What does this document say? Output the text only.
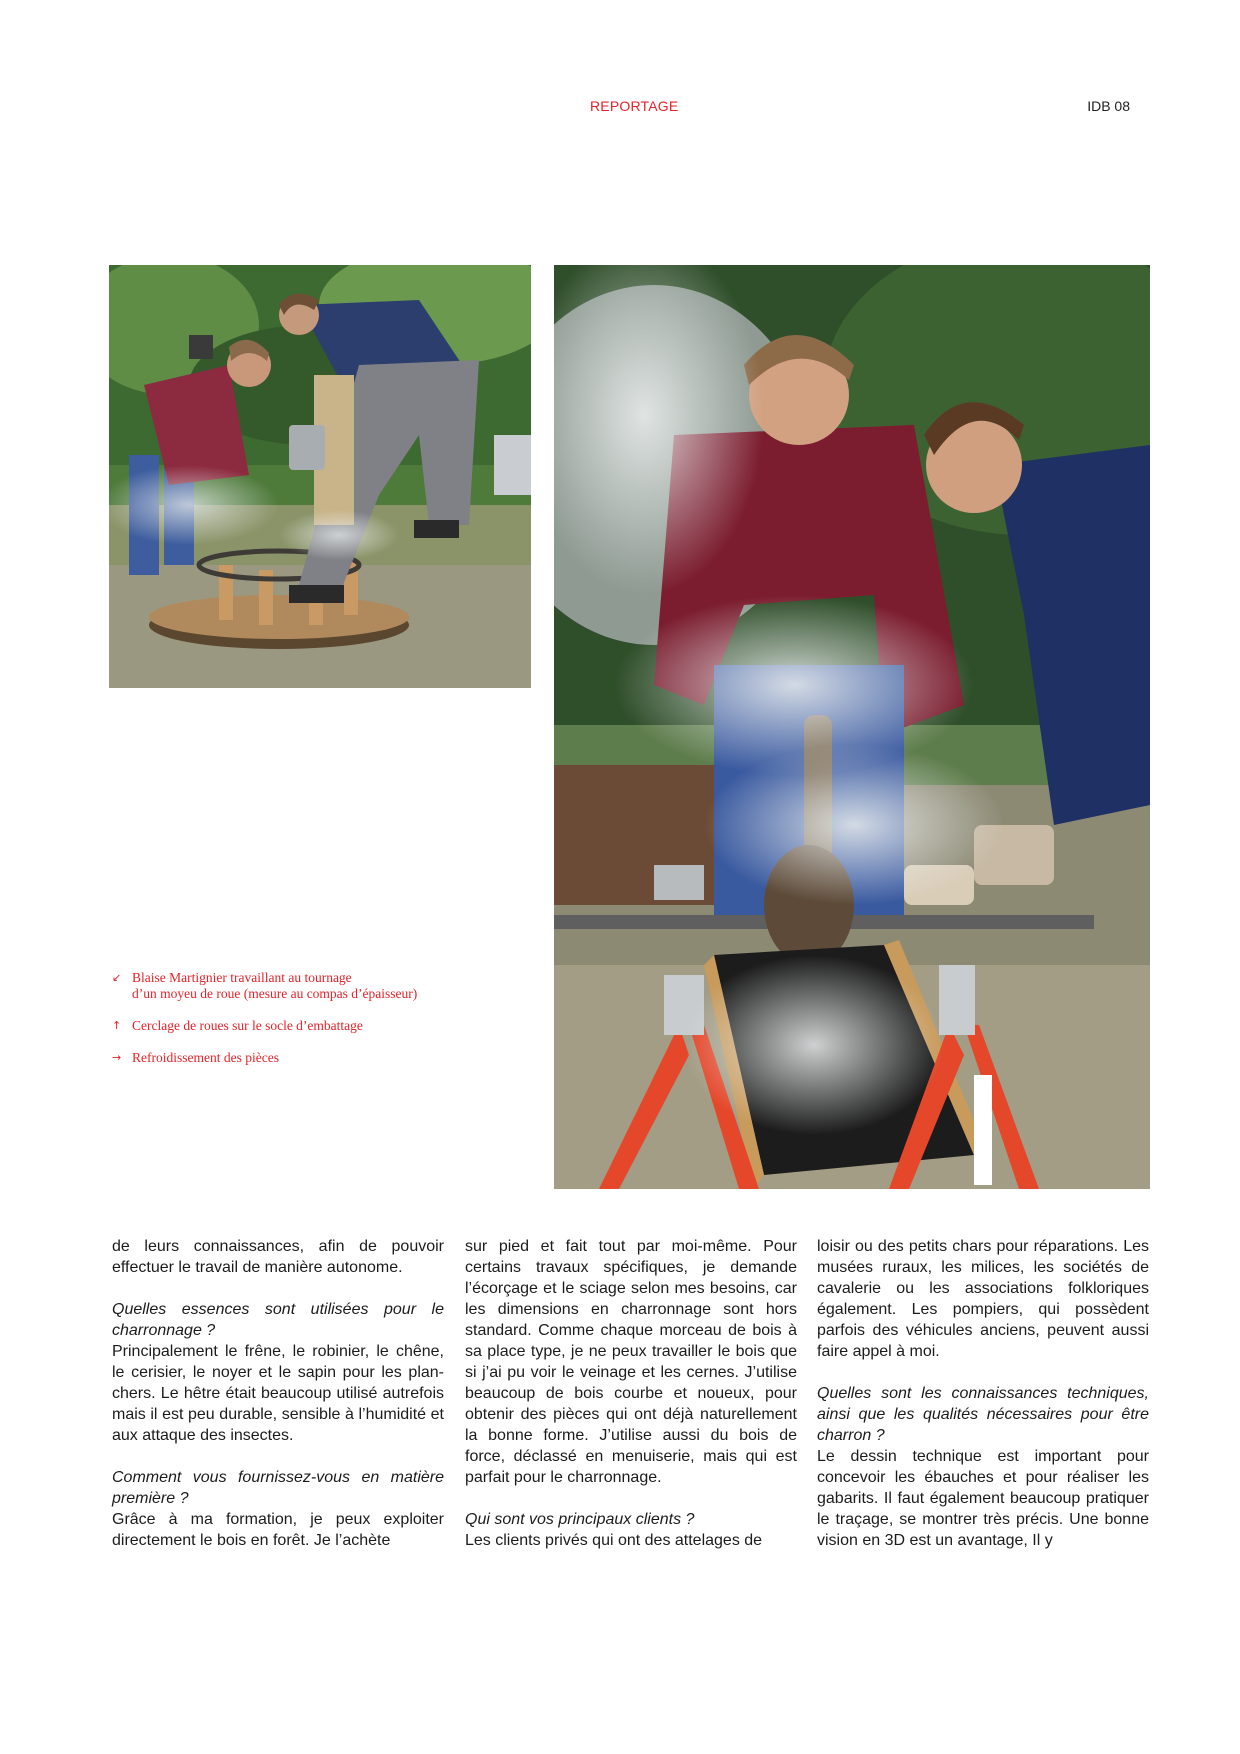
REPORTAGE	IDB 08
↙ Blaise Martignier travaillant au tournage
d’un moyeu de roue (mesure au compas d’épaisseur)
↑ Cerclage de roues sur le socle d’embattage
→ Refroidissement des pièces

de leurs connaissances, afin de pouvoir effectuer le travail de manière autonome.

Quelles essences sont utilisées pour le charronnage ?
Principalement le frêne, le robinier, le chêne, le cerisier, le noyer et le sapin pour les planchers. Le hêtre était beaucoup utilisé autrefois mais il est peu durable, sensible à l’humidité et aux attaque des insectes.

Comment vous fournissez-vous en matière première ?
Grâce à ma formation, je peux exploiter directement le bois en forêt. Je l’achète

sur pied et fait tout par moi-même. Pour certains travaux spécifiques, je demande l’écorçage et le sciage selon mes besoins, car les dimensions en charronnage sont hors standard. Comme chaque morceau de bois à sa place type, je ne peux travailler le bois que si j’ai pu voir le veinage et les cernes. J’utilise beaucoup de bois courbe et noueux, pour obtenir des pièces qui ont déjà naturellement la bonne forme. J’utilise aussi du bois de force, déclassé en menuiserie, mais qui est parfait pour le charronnage.

Qui sont vos principaux clients ?
Les clients privés qui ont des attelages de

loisir ou des petits chars pour réparations. Les musées ruraux, les milices, les sociétés de cavalerie ou les associations folkloriques également. Les pompiers, qui possèdent parfois des véhicules anciens, peuvent aussi faire appel à moi.

Quelles sont les connaissances techniques, ainsi que les qualités nécessaires pour être charron ?
Le dessin technique est important pour concevoir les ébauches et pour réaliser les gabarits. Il faut également beaucoup pratiquer le traçage, se montrer très précis. Une bonne vision en 3D est un avantage, Il y
